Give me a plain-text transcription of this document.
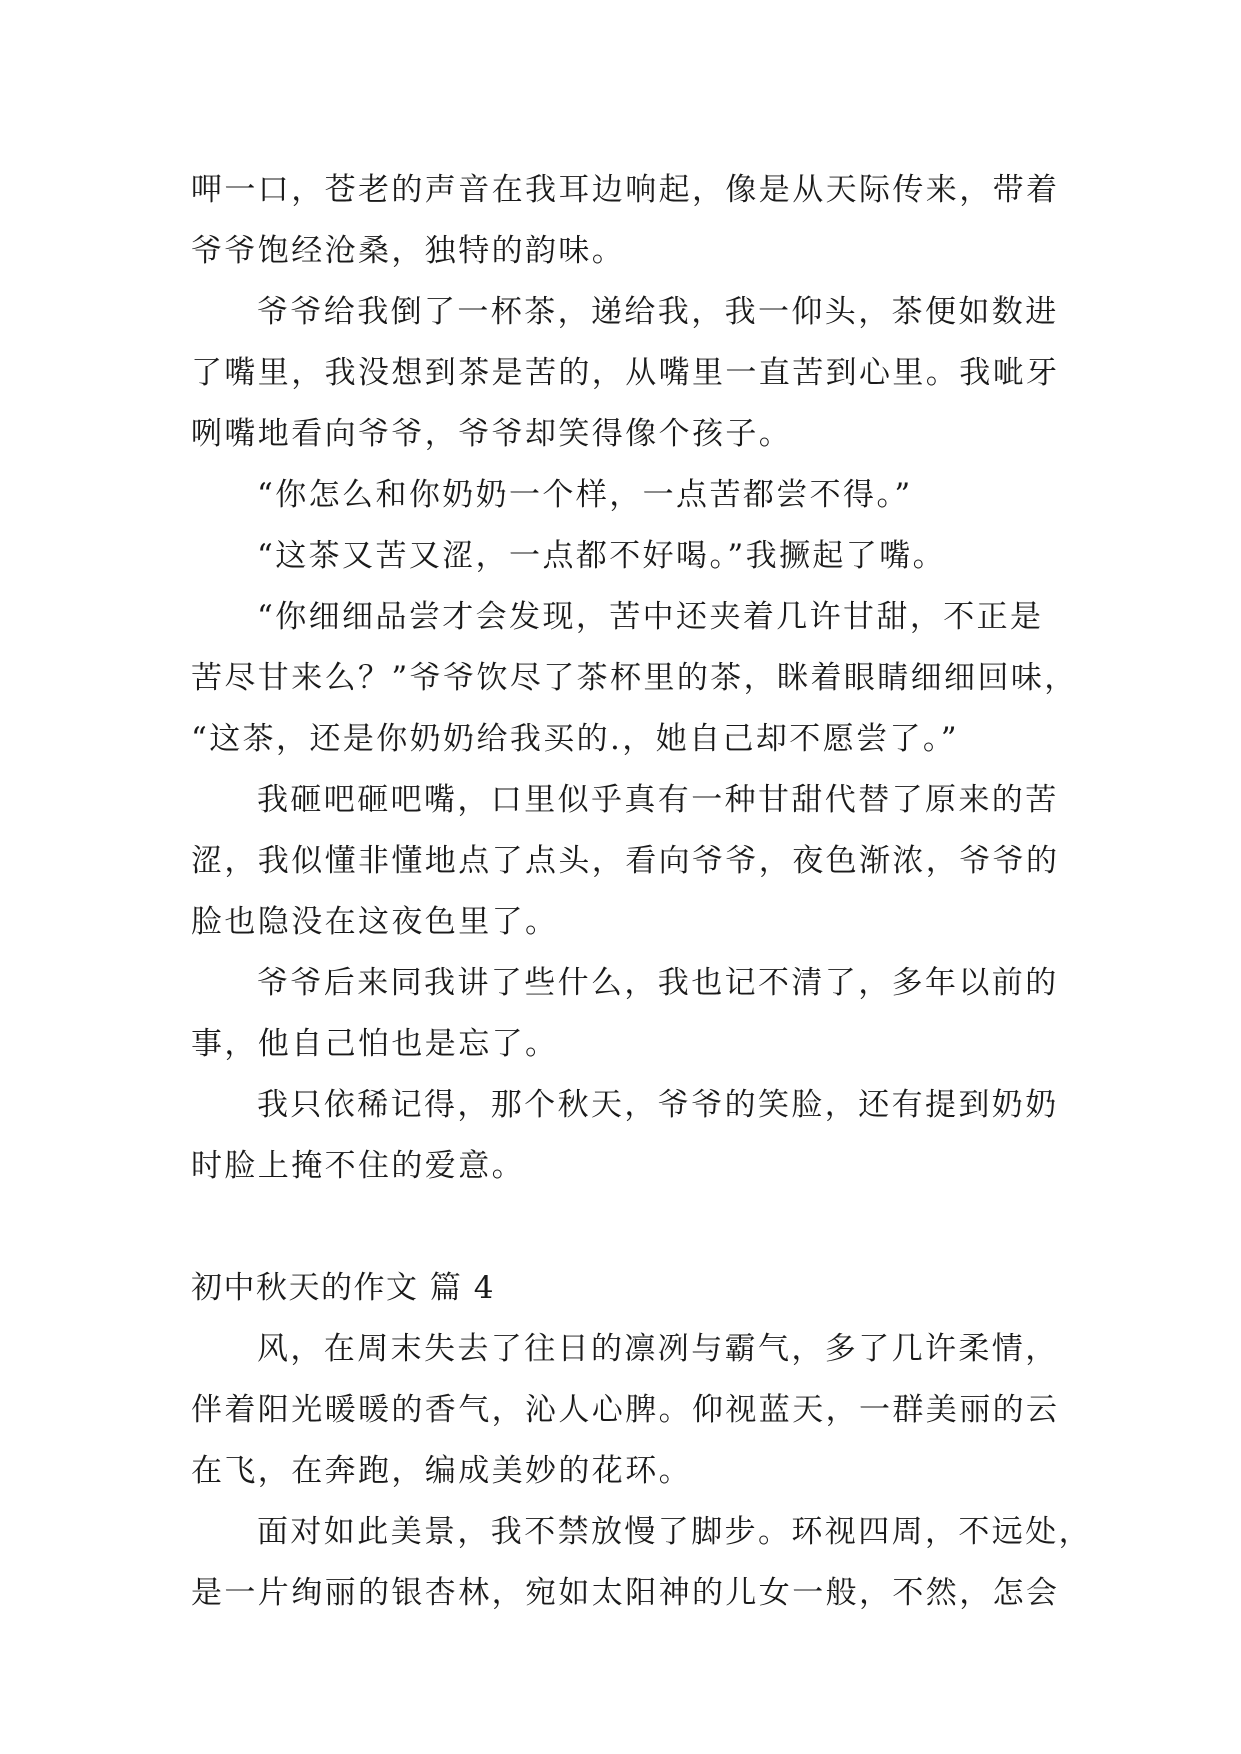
呷一口，苍老的声音在我耳边响起，像是从天际传来，带着
爷爷饱经沧桑，独特的韵味。
爷爷给我倒了一杯茶，递给我，我一仰头，茶便如数进
了嘴里，我没想到茶是苦的，从嘴里一直苦到心里。我呲牙
咧嘴地看向爷爷，爷爷却笑得像个孩子。
“你怎么和你奶奶一个样，一点苦都尝不得。”
“这茶又苦又涩，一点都不好喝。”我撅起了嘴。
“你细细品尝才会发现，苦中还夹着几许甘甜，不正是
苦尽甘来么？”爷爷饮尽了茶杯里的茶，眯着眼睛细细回味，
“这茶，还是你奶奶给我买的.，她自己却不愿尝了。”
我砸吧砸吧嘴，口里似乎真有一种甘甜代替了原来的苦
涩，我似懂非懂地点了点头，看向爷爷，夜色渐浓，爷爷的
脸也隐没在这夜色里了。
爷爷后来同我讲了些什么，我也记不清了，多年以前的
事，他自己怕也是忘了。
我只依稀记得，那个秋天，爷爷的笑脸，还有提到奶奶
时脸上掩不住的爱意。
初中秋天的作文 篇 4
风，在周末失去了往日的凛冽与霸气，多了几许柔情，
伴着阳光暖暖的香气，沁人心脾。仰视蓝天，一群美丽的云
在飞，在奔跑，编成美妙的花环。
面对如此美景，我不禁放慢了脚步。环视四周，不远处，
是一片绚丽的银杏林，宛如太阳神的儿女一般，不然，怎会
